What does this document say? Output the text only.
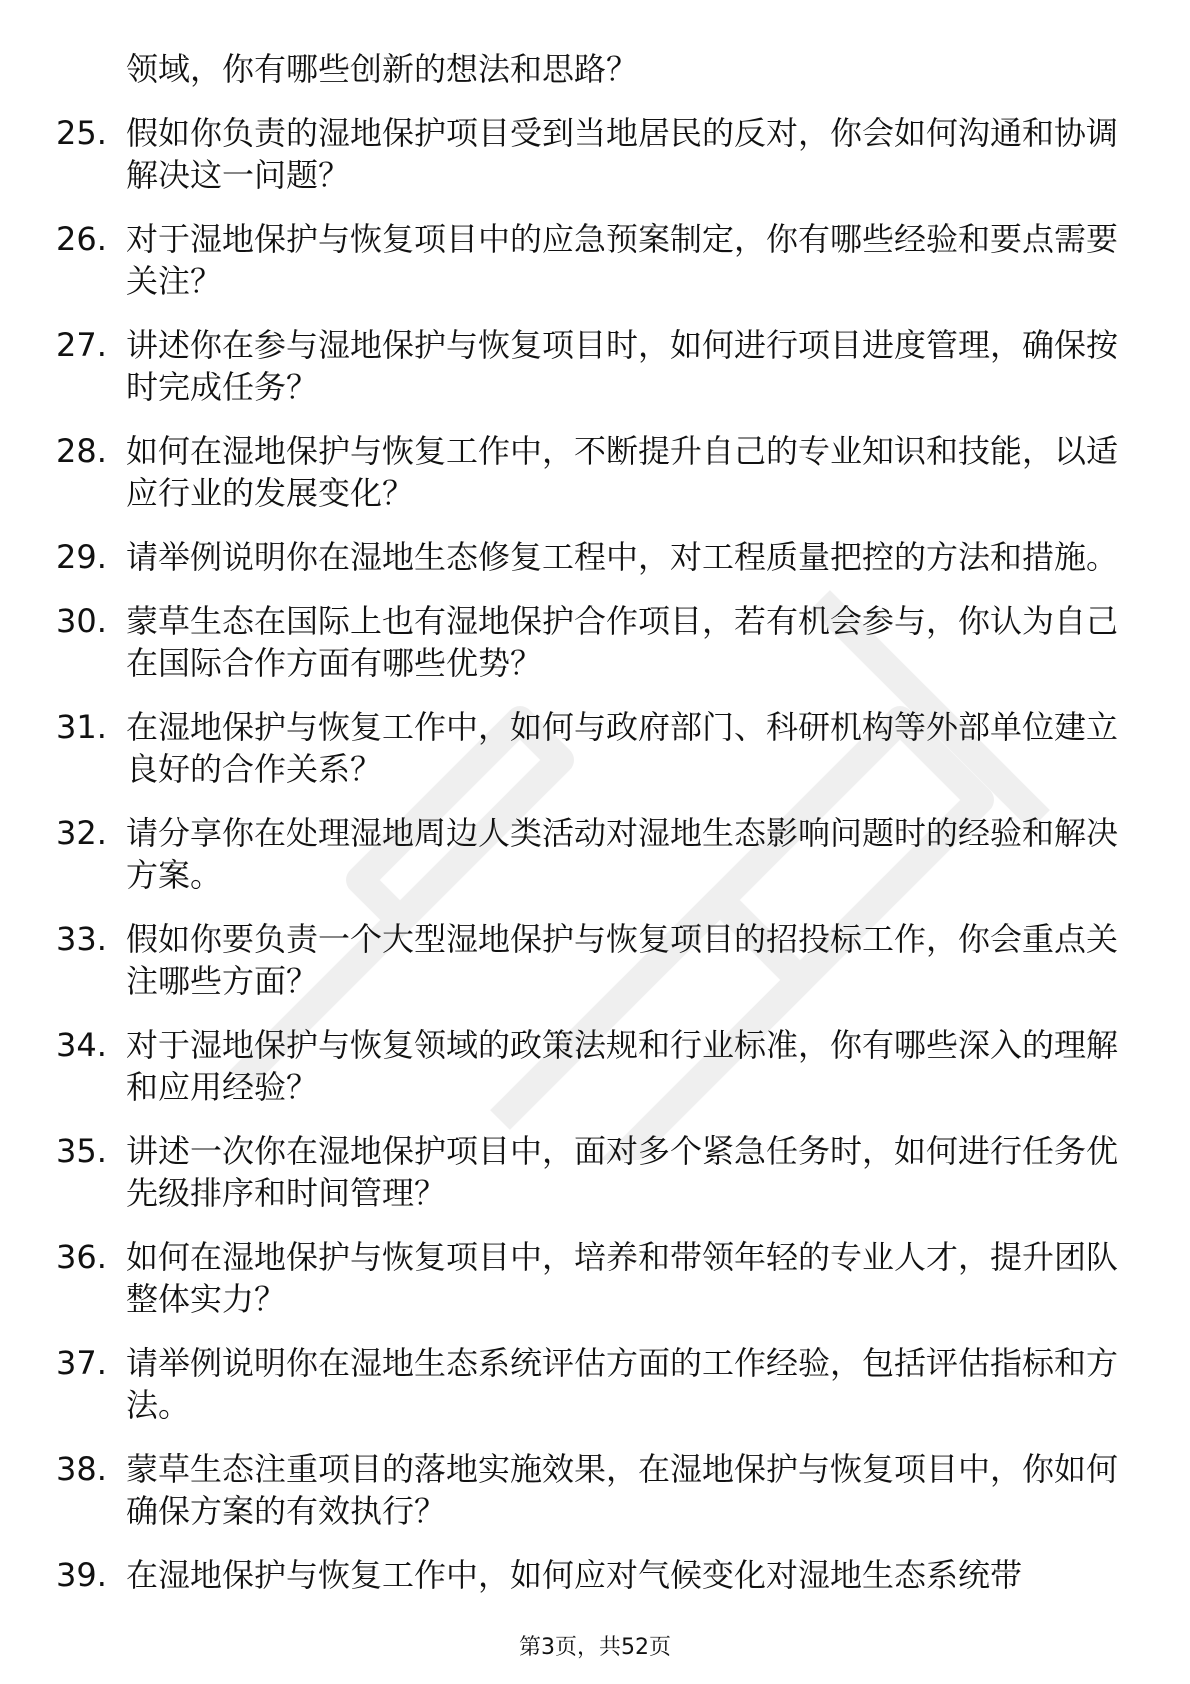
领域，你有哪些创新的想法和思路？
25. 假如你负责的湿地保护项目受到当地居民的反对，你会如何沟通和协调解决这一问题？
26. 对于湿地保护与恢复项目中的应急预案制定，你有哪些经验和要点需要关注？
27. 讲述你在参与湿地保护与恢复项目时，如何进行项目进度管理，确保按时完成任务？
28. 如何在湿地保护与恢复工作中，不断提升自己的专业知识和技能，以适应行业的发展变化？
29. 请举例说明你在湿地生态修复工程中，对工程质量把控的方法和措施。
30. 蒙草生态在国际上也有湿地保护合作项目，若有机会参与，你认为自己在国际合作方面有哪些优势？
31. 在湿地保护与恢复工作中，如何与政府部门、科研机构等外部单位建立良好的合作关系？
32. 请分享你在处理湿地周边人类活动对湿地生态影响问题时的经验和解决方案。
33. 假如你要负责一个大型湿地保护与恢复项目的招投标工作，你会重点关注哪些方面？
34. 对于湿地保护与恢复领域的政策法规和行业标准，你有哪些深入的理解和应用经验？
35. 讲述一次你在湿地保护项目中，面对多个紧急任务时，如何进行任务优先级排序和时间管理？
36. 如何在湿地保护与恢复项目中，培养和带领年轻的专业人才，提升团队整体实力？
37. 请举例说明你在湿地生态系统评估方面的工作经验，包括评估指标和方法。
38. 蒙草生态注重项目的落地实施效果，在湿地保护与恢复项目中，你如何确保方案的有效执行？
39. 在湿地保护与恢复工作中，如何应对气候变化对湿地生态系统带
第3页，共52页
